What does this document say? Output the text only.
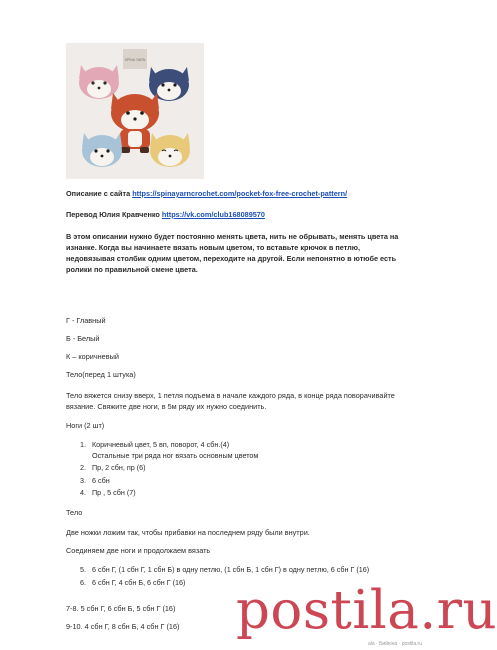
SPINA YARN
Описание с сайта https://spinayarncrochet.com/pocket-fox-free-crochet-pattern/
Перевод Юлия Кравченко https://vk.com/club168089570
В этом описании нужно будет постоянно менять цвета, нить не обрывать, менять цвета на изнанке. Когда вы начинаете вязать новым цветом, то вставьте крючок в петлю, недовязывая столбик одним цветом, переходите на другой. Если непонятно в ютюбе есть ролики по правильной смене цвета.
Г - Главный
Б - Белый
К – коричневый
Тело(перед 1 штука)
Тело вяжется снизу вверх, 1 петля подъема в начале каждого ряда, в конце ряда поворачивайте вязание. Свяжите две ноги, в 5м ряду их нужно соединить.
Ноги (2 шт)
1. Коричневый цвет, 5 вп, поворот, 4 сбн.(4)
Остальные три ряда ног вязать основным цветом
2. Пр, 2 сбн, пр (6)
3. 6 сбн
4. Пр , 5 сбн (7)
Тело
Две ножки ложим так, чтобы прибавки на последнем ряду были внутри.
Соединяем две ноги и продолжаем вязать
5. 6 сбн Г, (1 сбн Г, 1 сбн Б) в одну петлю, (1 сбн Б, 1 сбн Г) в одну петлю, 6 сбн Г (16)
6. 6 сбн Г, 4 сбн Б, 6 сбн Г (16)
7-8. 5 сбн Г, 6 сбн Б, 5 сбн Г (16)
9-10. 4 сбн Г, 8 сбн Б, 4 сбн Г (16) postila.ru
ala · Бийюна · postila.ru
